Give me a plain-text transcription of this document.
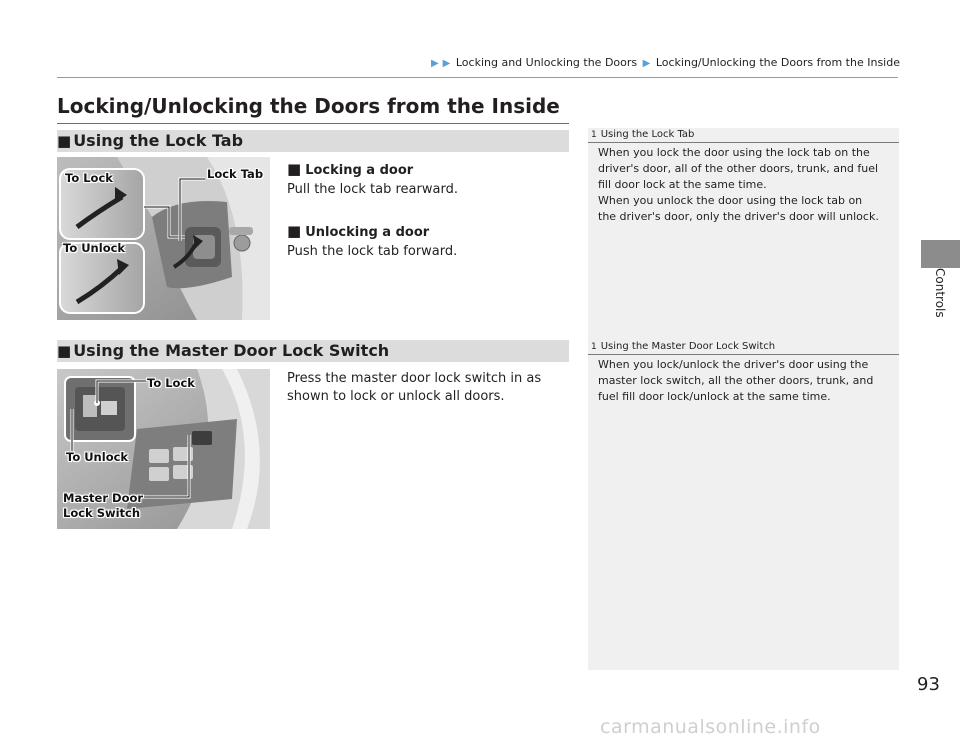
▶ ▶ Locking and Unlocking the Doors ▶ Locking/Unlocking the Doors from the Inside
Locking/Unlocking the Doors from the Inside
■ Using the Lock Tab
To Lock	Lock Tab
To Unlock
■ Locking a door
Pull the lock tab rearward.
■ Unlocking a door
Push the lock tab forward.
■ Using the Master Door Lock Switch
To Lock
To Unlock
Master Door
Lock Switch
Press the master door lock switch in as
shown to lock or unlock all doors.
1 Using the Lock Tab

When you lock the door using the lock tab on the

driver's door, all of the other doors, trunk, and fuel

fill door lock at the same time.

When you unlock the door using the lock tab on

the driver's door, only the driver's door will unlock.

1 Using the Master Door Lock Switch

When you lock/unlock the driver's door using the

master lock switch, all the other doors, trunk, and

fuel fill door lock/unlock at the same time.

Controls
93
carmanualsonline.info
